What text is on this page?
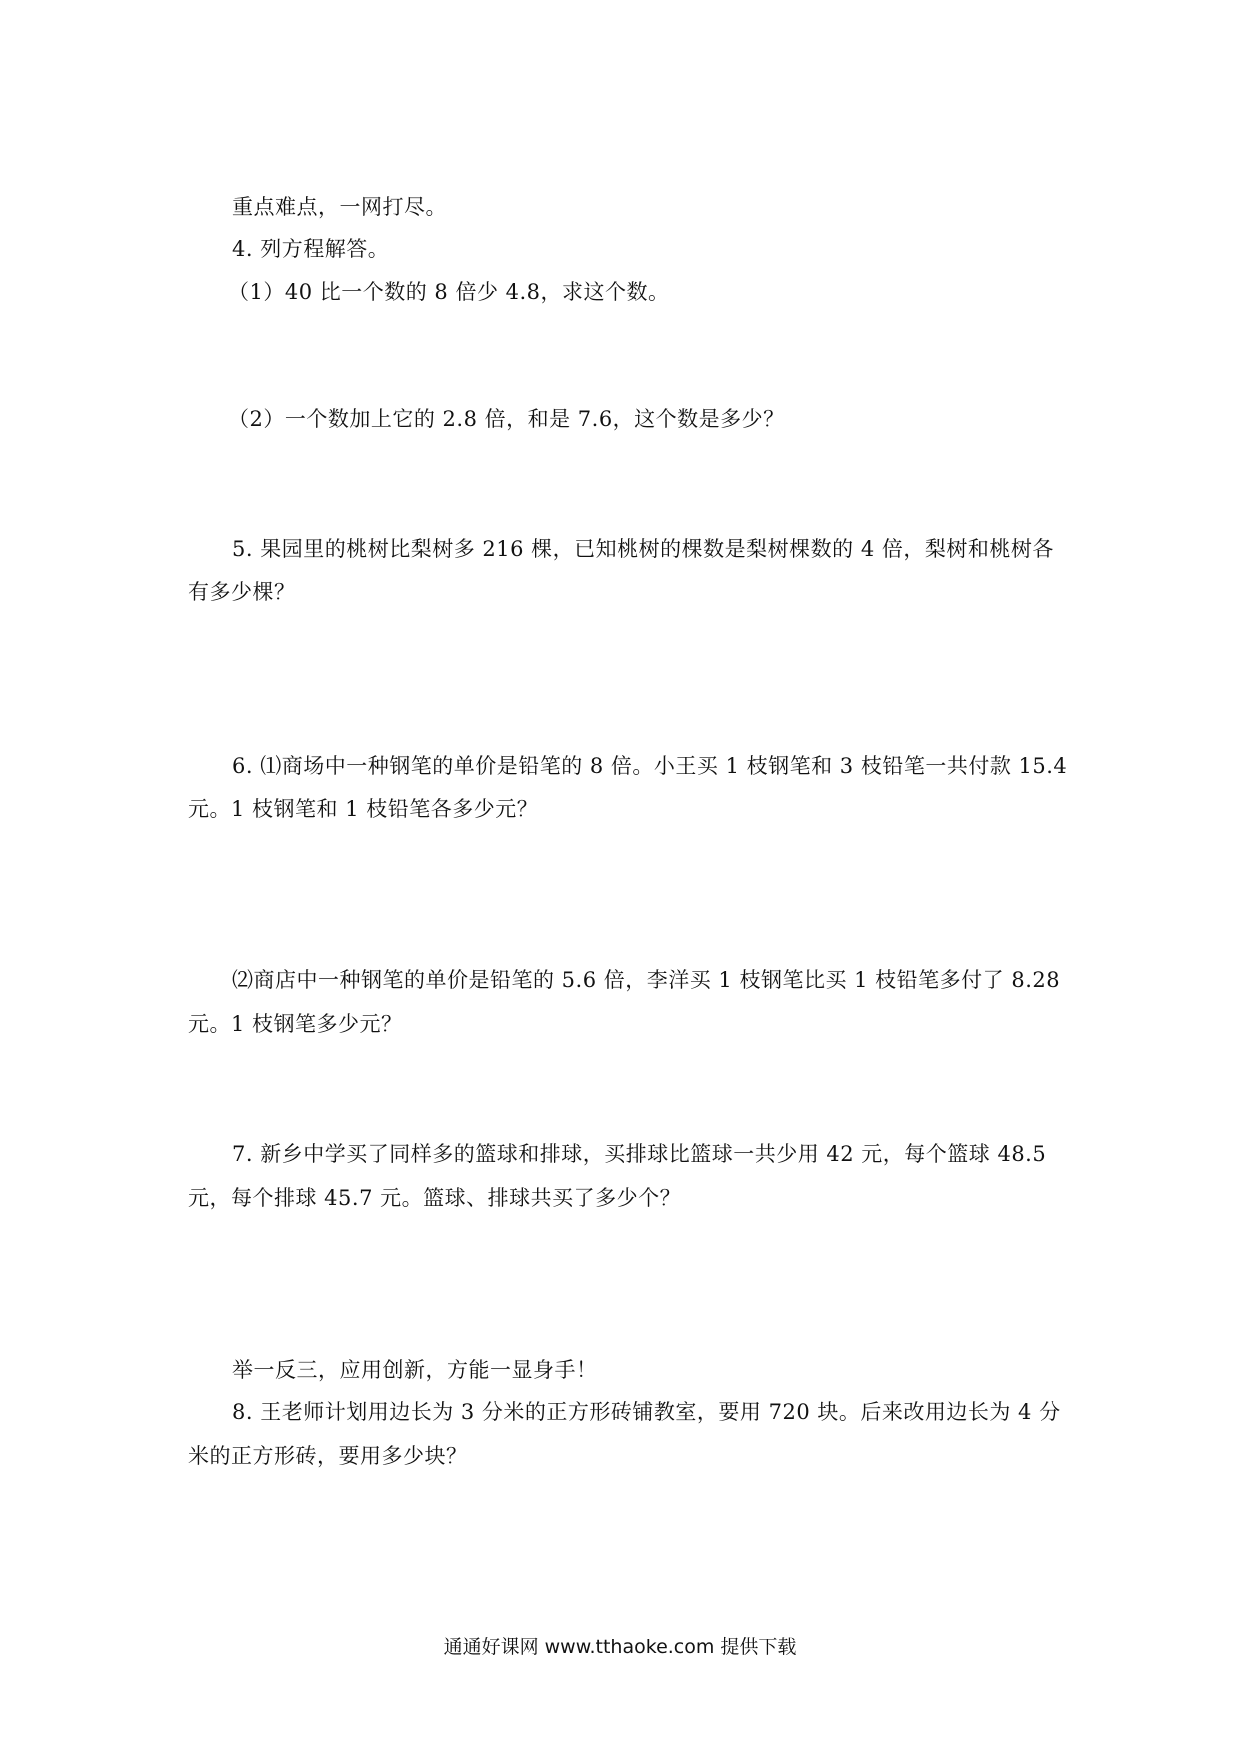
重点难点，一网打尽。
4. 列方程解答。
（1）40 比一个数的 8 倍少 4.8，求这个数。
（2）一个数加上它的 2.8 倍，和是 7.6，这个数是多少？
5. 果园里的桃树比梨树多 216 棵，已知桃树的棵数是梨树棵数的 4 倍，梨树和桃树各
有多少棵？
6. ⑴商场中一种钢笔的单价是铅笔的 8 倍。小王买 1 枝钢笔和 3 枝铅笔一共付款 15.4
元。1 枝钢笔和 1 枝铅笔各多少元？
⑵商店中一种钢笔的单价是铅笔的 5.6 倍，李洋买 1 枝钢笔比买 1 枝铅笔多付了 8.28
元。1 枝钢笔多少元？
7. 新乡中学买了同样多的篮球和排球，买排球比篮球一共少用 42 元，每个篮球 48.5
元，每个排球 45.7 元。篮球、排球共买了多少个？
举一反三，应用创新，方能一显身手！
8. 王老师计划用边长为 3 分米的正方形砖铺教室，要用 720 块。后来改用边长为 4 分
米的正方形砖，要用多少块？
通通好课网 www.tthaoke.com 提供下载
